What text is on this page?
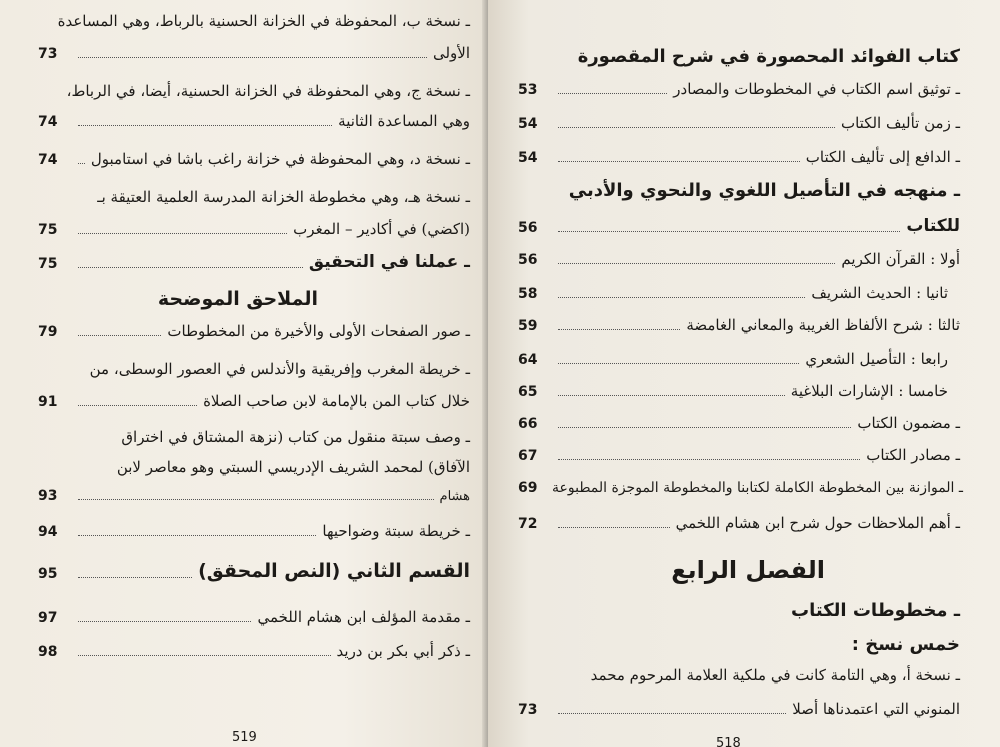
ـ نسخة ب، المحفوظة في الخزانة الحسنية بالرباط، وهي المساعدة
73	الأولى
ـ نسخة ج، وهي المحفوظة في الخزانة الحسنية، أيضا، في الرباط،
74	وهي المساعدة الثانية
74	ـ نسخة د، وهي المحفوظة في خزانة راغب باشا في استامبول
ـ نسخة هـ، وهي مخطوطة الخزانة المدرسة العلمية العتيقة بـ
75	(اكضي) في أكادير – المغرب
75	ـ عملنا في التحقيق
الملاحق الموضحة
79	ـ صور الصفحات الأولى والأخيرة من المخطوطات
ـ خريطة المغرب وإفريقية والأندلس في العصور الوسطى، من
91	خلال كتاب المن بالإمامة لابن صاحب الصلاة
ـ وصف سبتة منقول من كتاب (نزهة المشتاق في اختراق
الآفاق) لمحمد الشريف الإدريسي السبتي وهو معاصر لابن
93	هشام
94	ـ خريطة سبتة وضواحيها
95	القسم الثاني (النص المحقق)
97	ـ مقدمة المؤلف ابن هشام اللخمي
98	ـ ذكر أبي بكر بن دريد
519
كتاب الفوائد المحصورة في شرح المقصورة
53	ـ توثيق اسم الكتاب في المخطوطات والمصادر
54	ـ زمن تأليف الكتاب
54	ـ الدافع إلى تأليف الكتاب
ـ منهجه في التأصيل اللغوي والنحوي والأدبي
56	للكتاب
56	أولا : القرآن الكريم
58	ثانيا : الحديث الشريف
59	ثالثا : شرح الألفاظ الغريبة والمعاني الغامضة
64	رابعا : التأصيل الشعري
65	خامسا : الإشارات البلاغية
66	ـ مضمون الكتاب
67	ـ مصادر الكتاب
69	ـ الموازنة بين المخطوطة الكاملة لكتابنا والمخطوطة الموجزة المطبوعة
72	ـ أهم الملاحظات حول شرح ابن هشام اللخمي
الفصل الرابع
ـ مخطوطات الكتاب
خمس نسخ :
ـ نسخة أ، وهي التامة كانت في ملكية العلامة المرحوم محمد
73	المنوني التي اعتمدناها أصلا
518
